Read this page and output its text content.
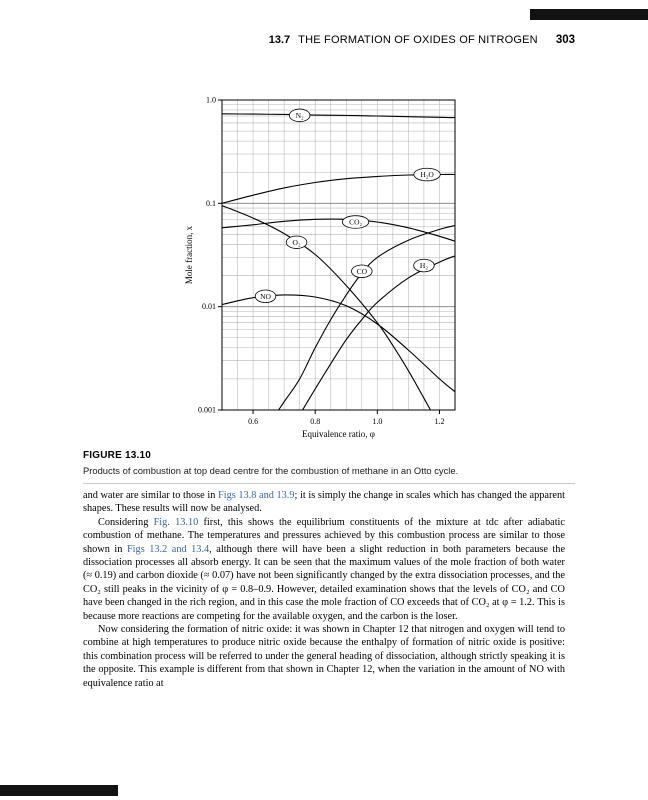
13.7 THE FORMATION OF OXIDES OF NITROGEN 303
0.6	0.8	1.0	1.2
1.0
0.1
0.01
0.001
Equivalence ratio, φ
Mole fraction, x
N₂
H₂O
CO₂
O₂
CO
H₂
NO
FIGURE 13.10
Products of combustion at top dead centre for the combustion of methane in an Otto cycle.

and water are similar to those in Figs 13.8 and 13.9; it is simply the change in scales which has changed the apparent shapes. These results will now be analysed.

Considering Fig. 13.10 first, this shows the equilibrium constituents of the mixture at tdc after adiabatic combustion of methane. The temperatures and pressures achieved by this combustion process are similar to those shown in Figs 13.2 and 13.4, although there will have been a slight reduction in both parameters because the dissociation processes all absorb energy. It can be seen that the maximum values of the mole fraction of both water (≈ 0.19) and carbon dioxide (≈ 0.07) have not been significantly changed by the extra dissociation processes, and the CO₂ still peaks in the vicinity of φ = 0.8–0.9. However, detailed examination shows that the levels of CO₂ and CO have been changed in the rich region, and in this case the mole fraction of CO exceeds that of CO₂ at φ = 1.2. This is because more reactions are competing for the available oxygen, and the carbon is the loser.

Now considering the formation of nitric oxide: it was shown in Chapter 12 that nitrogen and oxygen will tend to combine at high temperatures to produce nitric oxide because the enthalpy of formation of nitric oxide is positive: this combination process will be referred to under the general heading of dissociation, although strictly speaking it is the opposite. This example is different from that shown in Chapter 12, when the variation in the amount of NO with equivalence ratio at
